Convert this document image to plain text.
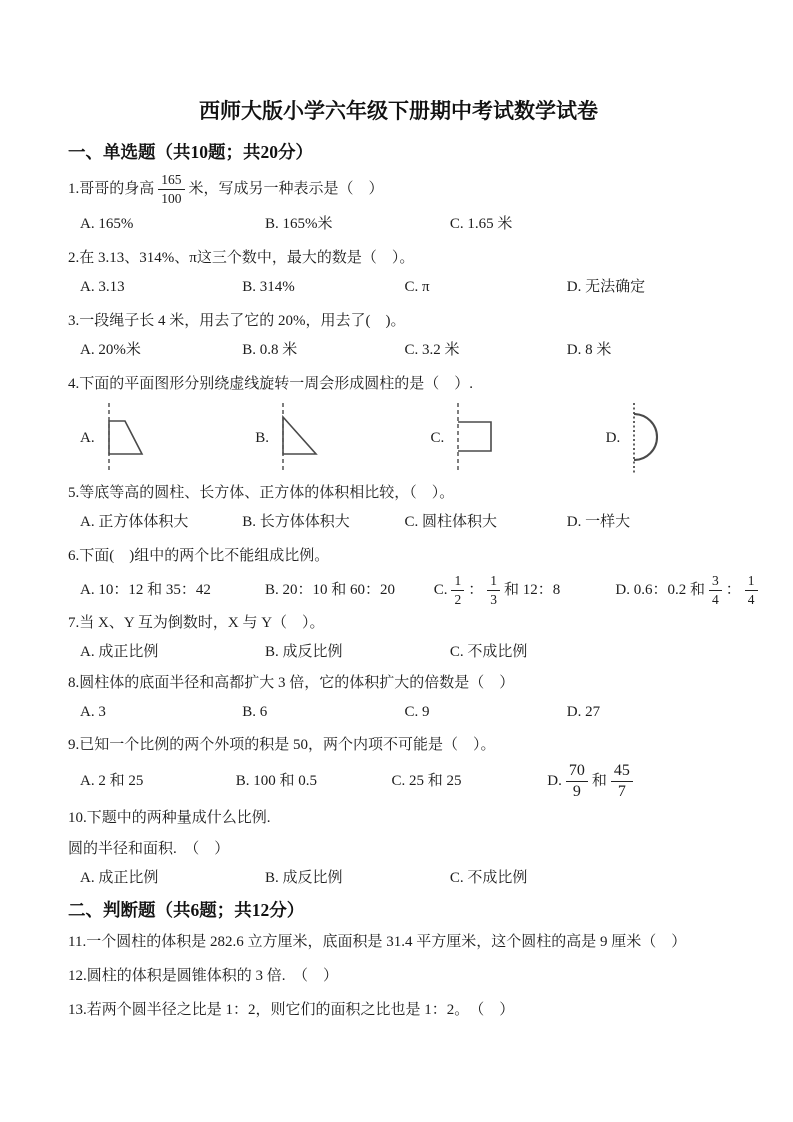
西师大版小学六年级下册期中考试数学试卷
一、单选题（共10题；共20分）

1.哥哥的身高 $\frac{165}{100}$ 米，写成另一种表示是（　）

A. 165%	B. 165%米	C. 1.65 米

2.在 3.13、314%、π这三个数中，最大的数是（　）。

A. 3.13	B. 314%	C. π	D. 无法确定

3.一段绳子长 4 米，用去了它的 20%，用去了(　)。

A. 20%米	B. 0.8 米	C. 3.2 米	D. 8 米

4.下面的平面图形分别绕虚线旋转一周会形成圆柱的是（　）.

A.	B.	C.	D.

5.等底等高的圆柱、长方体、正方体的体积相比较，（　）。

A. 正方体体积大	B. 长方体体积大	C. 圆柱体积大	D. 一样大

6.下面(　)组中的两个比不能组成比例。

A. 10：12 和 35：42	B. 20：10 和 60：20	C. $\frac{1}{2}$ ： $\frac{1}{3}$ 和 12：8	D. 0.6：0.2 和 $\frac{3}{4}$ ： $\frac{1}{4}$

7.当 X、Y 互为倒数时，X 与 Y（　）。

A. 成正比例	B. 成反比例	C. 不成比例

8.圆柱体的底面半径和高都扩大 3 倍，它的体积扩大的倍数是（　）

A. 3	B. 6	C. 9	D. 27

9.已知一个比例的两个外项的积是 50，两个内项不可能是（　）。

A. 2 和 25	B. 100 和 0.5	C. 25 和 25	D. $\frac{70}{9}$ 和 $\frac{45}{7}$

10.下题中的两种量成什么比例.

圆的半径和面积.　（　）

A. 成正比例	B. 成反比例	C. 不成比例
二、判断题（共6题；共12分）

11.一个圆柱的体积是 282.6 立方厘米，底面积是 31.4 平方厘米，这个圆柱的高是 9 厘米（　）

12.圆柱的体积是圆锥体积的 3 倍.　（　）

13.若两个圆半径之比是 1：2，则它们的面积之比也是 1：2。　（　）
